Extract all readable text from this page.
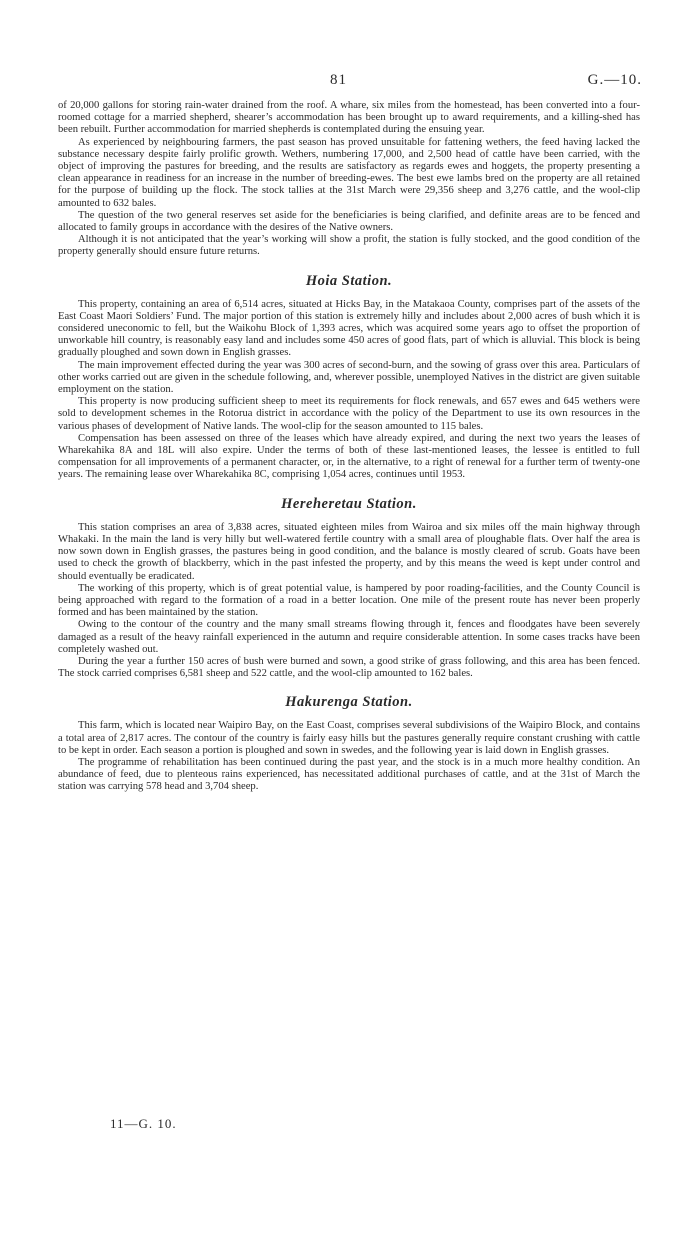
81	G.—10.

of 20,000 gallons for storing rain-water drained from the roof. A whare, six miles from the homestead, has been converted into a four-roomed cottage for a married shepherd, shearer’s accommodation has been brought up to award requirements, and a killing-shed has been rebuilt. Further accommodation for married shepherds is contemplated during the ensuing year.

As experienced by neighbouring farmers, the past season has proved unsuitable for fattening wethers, the feed having lacked the substance necessary despite fairly prolific growth. Wethers, numbering 17,000, and 2,500 head of cattle have been carried, with the object of improving the pastures for breeding, and the results are satisfactory as regards ewes and hoggets, the property presenting a clean appearance in readiness for an increase in the number of breeding-ewes. The best ewe lambs bred on the property are all retained for the purpose of building up the flock. The stock tallies at the 31st March were 29,356 sheep and 3,276 cattle, and the wool-clip amounted to 632 bales.

The question of the two general reserves set aside for the beneficiaries is being clarified, and definite areas are to be fenced and allocated to family groups in accordance with the desires of the Native owners.

Although it is not anticipated that the year’s working will show a profit, the station is fully stocked, and the good condition of the property generally should ensure future returns.

Hoia Station.

This property, containing an area of 6,514 acres, situated at Hicks Bay, in the Matakaoa County, comprises part of the assets of the East Coast Maori Soldiers’ Fund. The major portion of this station is extremely hilly and includes about 2,000 acres of bush which it is considered uneconomic to fell, but the Waikohu Block of 1,393 acres, which was acquired some years ago to offset the proportion of unworkable hill country, is reasonably easy land and includes some 450 acres of good flats, part of which is alluvial. This block is being gradually ploughed and sown down in English grasses.

The main improvement effected during the year was 300 acres of second-burn, and the sowing of grass over this area. Particulars of other works carried out are given in the schedule following, and, wherever possible, unemployed Natives in the district are given suitable employment on the station.

This property is now producing sufficient sheep to meet its requirements for flock renewals, and 657 ewes and 645 wethers were sold to development schemes in the Rotorua district in accordance with the policy of the Department to use its own resources in the various phases of development of Native lands. The wool-clip for the season amounted to 115 bales.

Compensation has been assessed on three of the leases which have already expired, and during the next two years the leases of Wharekahika 8A and 18L will also expire. Under the terms of both of these last-mentioned leases, the lessee is entitled to full compensation for all improvements of a permanent character, or, in the alternative, to a right of renewal for a further term of twenty-one years. The remaining lease over Wharekahika 8C, comprising 1,054 acres, continues until 1953.

Hereheretau Station.

This station comprises an area of 3,838 acres, situated eighteen miles from Wairoa and six miles off the main highway through Whakaki. In the main the land is very hilly but well-watered fertile country with a small area of ploughable flats. Over half the area is now sown down in English grasses, the pastures being in good condition, and the balance is mostly cleared of scrub. Goats have been used to check the growth of blackberry, which in the past infested the property, and by this means the weed is kept under control and should eventually be eradicated.

The working of this property, which is of great potential value, is hampered by poor roading-facilities, and the County Council is being approached with regard to the formation of a road in a better location. One mile of the present route has never been properly formed and has been maintained by the station.

Owing to the contour of the country and the many small streams flowing through it, fences and floodgates have been severely damaged as a result of the heavy rainfall experienced in the autumn and require considerable attention. In some cases tracks have been completely washed out.

During the year a further 150 acres of bush were burned and sown, a good strike of grass following, and this area has been fenced. The stock carried comprises 6,581 sheep and 522 cattle, and the wool-clip amounted to 162 bales.

Hakurenga Station.

This farm, which is located near Waipiro Bay, on the East Coast, comprises several subdivisions of the Waipiro Block, and contains a total area of 2,817 acres. The contour of the country is fairly easy hills but the pastures generally require constant crushing with cattle to be kept in order. Each season a portion is ploughed and sown in swedes, and the following year is laid down in English grasses.

The programme of rehabilitation has been continued during the past year, and the stock is in a much more healthy condition. An abundance of feed, due to plenteous rains experienced, has necessitated additional purchases of cattle, and at the 31st of March the station was carrying 578 head and 3,704 sheep.

11—G. 10.
